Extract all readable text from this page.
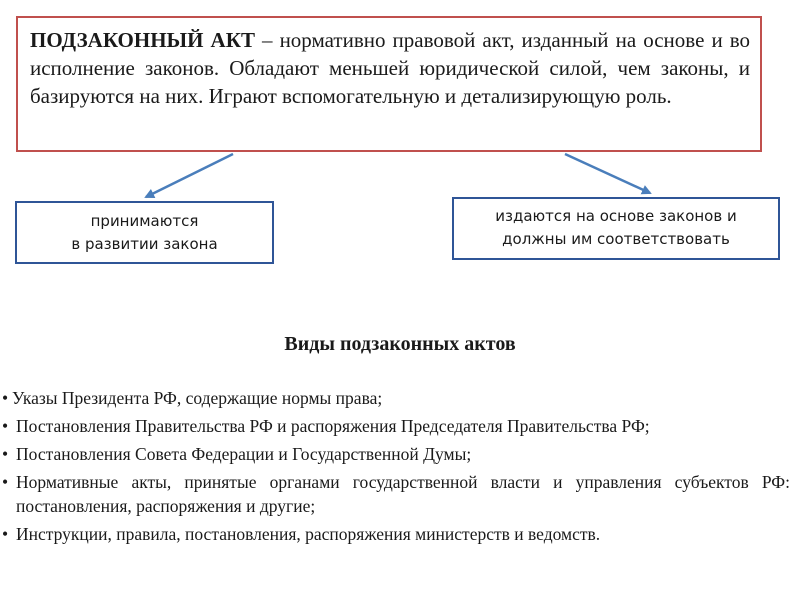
ПОДЗАКОННЫЙ АКТ – нормативно правовой акт, изданный на основе и во исполнение законов. Обладают меньшей юридической силой, чем законы, и базируются на них. Играют вспомогательную и детализирующую роль.
принимаются
в развитии закона
издаются на основе законов и
должны им соответствовать
Виды подзаконных актов
• Указы Президента РФ, содержащие нормы права;
• Постановления Правительства РФ и распоряжения Председателя Правительства РФ;
• Постановления Совета Федерации и Государственной Думы;
• Нормативные акты, принятые органами государственной власти и управления субъектов РФ: постановления, распоряжения и другие;
• Инструкции, правила, постановления, распоряжения министерств и ведомств.
